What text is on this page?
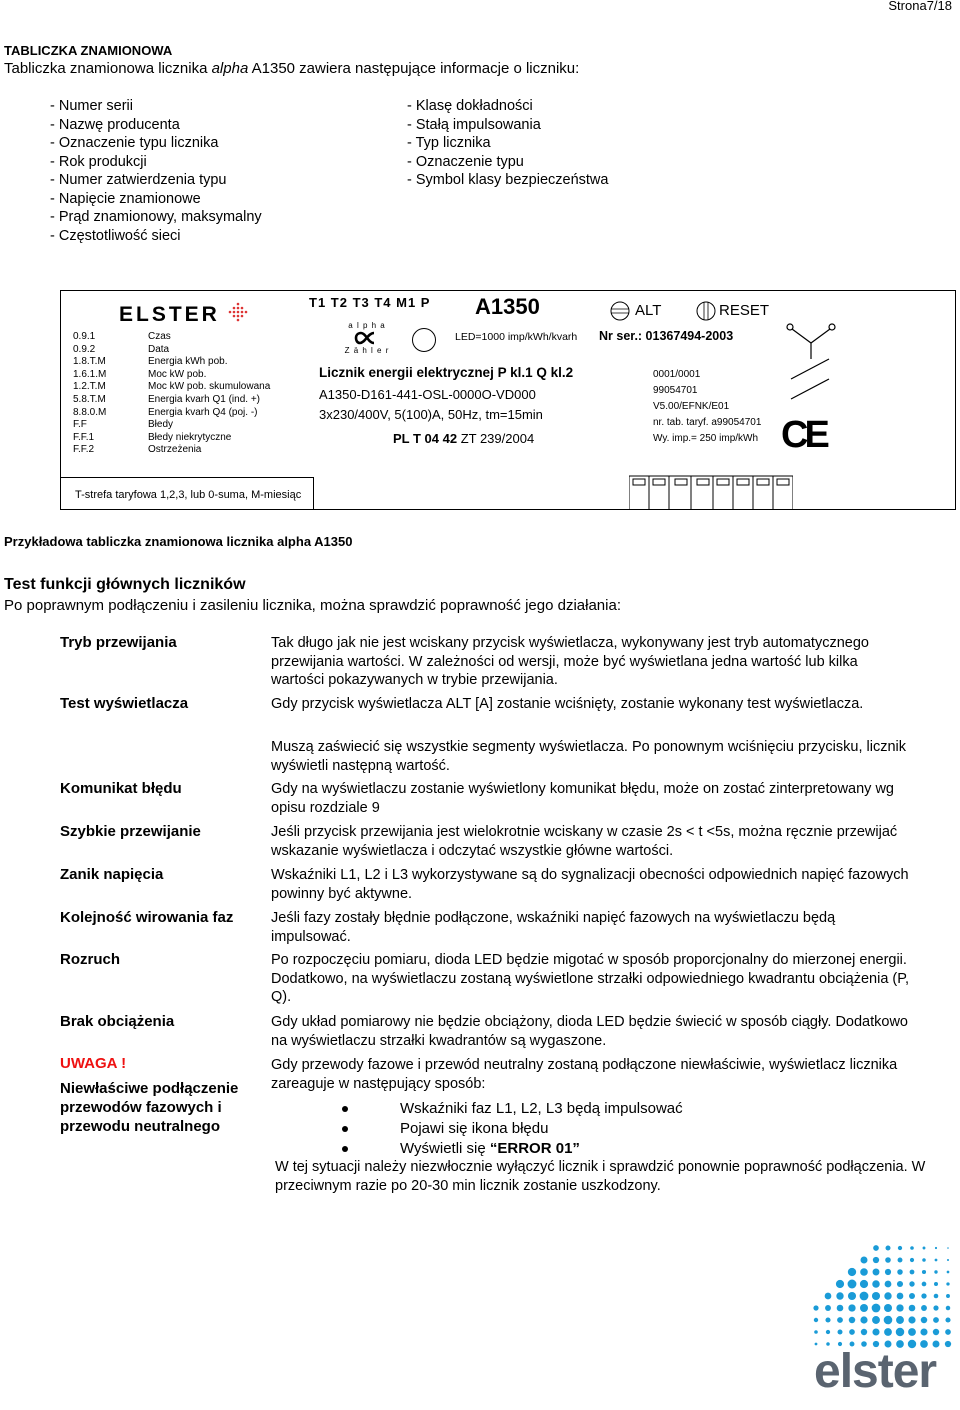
Strona7/18
TABLICZKA ZNAMIONOWA
Tabliczka znamionowa licznika alpha A1350 zawiera następujące informacje o liczniku:
- Numer serii
- Nazwę producenta
- Oznaczenie typu licznika
- Rok produkcji
- Numer zatwierdzenia typu
- Napięcie znamionowe
- Prąd znamionowy, maksymalny
- Częstotliwość sieci
- Klasę dokładności
- Stałą impulsowania
- Typ licznika
- Oznaczenie typu
- Symbol klasy bezpieczeństwa
ELSTER
0.9.1
0.9.2
1.8.T.M
1.6.1.M
1.2.T.M
5.8.T.M
8.8.0.M
F.F
F.F.1
F.F.2
Czas
Data
Energia kWh pob.
Moc kW pob.
Moc kW pob. skumulowana
Energia kvarh Q1 (ind. +)
Energia kvarh Q4 (poj. -)
Błedy
Błedy niekrytyczne
Ostrzeżenia
T-strefa taryfowa 1,2,3, lub 0-suma, M-miesiąc
T1 T2 T3 T4 M1 P A1350	ALT	RESET
a l p h a
Z ä h l e r
LED=1000 imp/kWh/kvarh Nr ser.: 01367494-2003
Licznik energii elektrycznej P kl.1 Q kl.2
A1350-D161-441-OSL-0000O-VD000
3x230/400V, 5(100)A, 50Hz, tm=15min
PL T 04 42 ZT 239/2004
0001/0001
99054701
V5.00/EFNK/E01
nr. tab. taryf. a99054701
Wy. imp.= 250 imp/kWh CE
Przykładowa tabliczka znamionowa licznika alpha A1350
Test funkcji głównych liczników
Po poprawnym podłączeniu i zasileniu licznika, można sprawdzić poprawność jego działania:
Tryb przewijania
Test wyświetlacza
Komunikat błędu
Szybkie przewijanie
Zanik napięcia
Kolejność wirowania faz
Rozruch
Brak obciążenia
Tak długo jak nie jest wciskany przycisk wyświetlacza, wykonywany jest tryb automatycznego przewijania wartości. W zależności od wersji, może być wyświetlana jedna wartość lub kilka wartości pokazywanych w trybie przewijania.
Gdy przycisk wyświetlacza ALT [A] zostanie wciśnięty, zostanie wykonany test wyświetlacza.
Muszą zaświecić się wszystkie segmenty wyświetlacza. Po ponownym wciśnięciu przycisku, licznik wyświetli następną wartość.
Gdy na wyświetlaczu zostanie wyświetlony komunikat błędu, może on zostać zinterpretowany wg opisu rozdziale 9
Jeśli przycisk przewijania jest wielokrotnie wciskany w czasie 2s < t <5s, można ręcznie przewijać wskazanie wyświetlacza i odczytać wszystkie główne wartości.
Wskaźniki L1, L2 i L3 wykorzystywane są do sygnalizacji obecności odpowiednich napięć fazowych powinny być aktywne.
Jeśli fazy zostały błędnie podłączone, wskaźniki napięć fazowych na wyświetlaczu będą impulsować.
Po rozpoczęciu pomiaru, dioda LED będzie migotać w sposób proporcjonalny do mierzonej energii. Dodatkowo, na wyświetlaczu zostaną wyświetlone strzałki odpowiedniego kwadrantu obciążenia (P, Q).
Gdy układ pomiarowy nie będzie obciążony, dioda LED będzie świecić w sposób ciągły. Dodatkowo na wyświetlaczu strzałki kwadrantów są wygaszone.
Gdy przewody fazowe i przewód neutralny zostaną podłączone niewłaściwie, wyświetlacz licznika zareaguje w następujący sposób:
UWAGA !
Niewłaściwe podłączenie przewodów fazowych i przewodu neutralnego
Wskaźniki faz L1, L2, L3 będą impulsować
Pojawi się ikona błędu
Wyświetli się “ERROR 01”
W tej sytuacji należy niezwłocznie wyłączyć licznik i sprawdzić ponownie poprawność podłączenia. W przeciwnym razie po 20-30 min licznik zostanie uszkodzony.
elster
